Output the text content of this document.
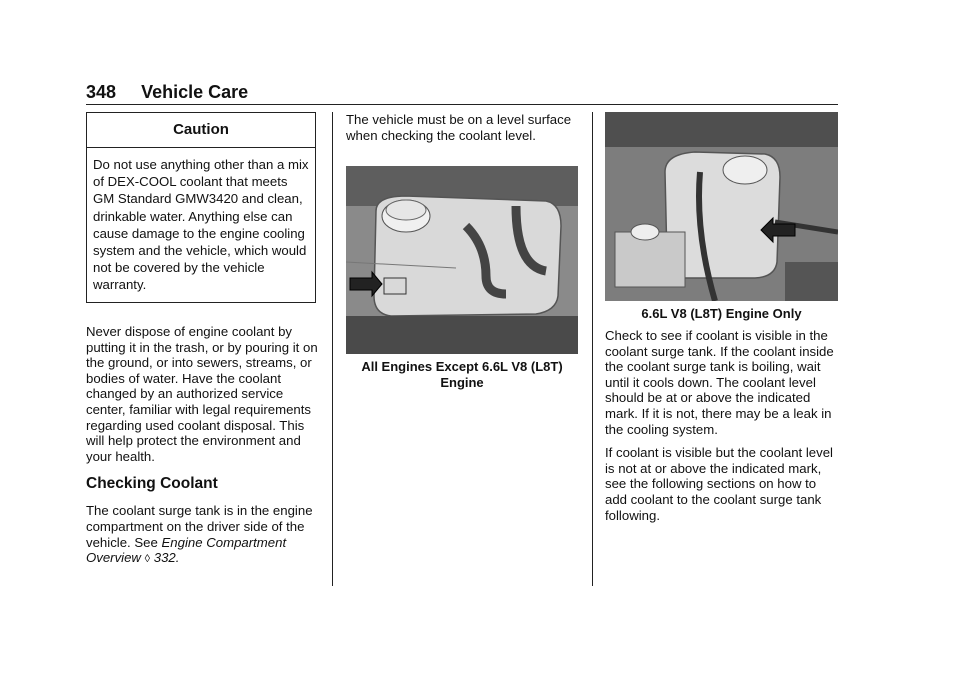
348 Vehicle Care
Caution
Do not use anything other than a mix of DEX-COOL coolant that meets GM Standard GMW3420 and clean, drinkable water. Anything else can cause damage to the engine cooling system and the vehicle, which would not be covered by the vehicle warranty.

Never dispose of engine coolant by putting it in the trash, or by pouring it on the ground, or into sewers, streams, or bodies of water. Have the coolant changed by an authorized service center, familiar with legal requirements regarding used coolant disposal. This will help protect the environment and your health.

Checking Coolant

The coolant surge tank is in the engine compartment on the driver side of the vehicle. See Engine Compartment Overview ◊ 332.

The vehicle must be on a level surface when checking the coolant level.

All Engines Except 6.6L V8 (L8T) Engine
6.6L V8 (L8T) Engine Only

Check to see if coolant is visible in the coolant surge tank. If the coolant inside the coolant surge tank is boiling, wait until it cools down. The coolant level should be at or above the indicated mark. If it is not, there may be a leak in the cooling system.

If coolant is visible but the coolant level is not at or above the indicated mark, see the following sections on how to add coolant to the coolant surge tank following.
